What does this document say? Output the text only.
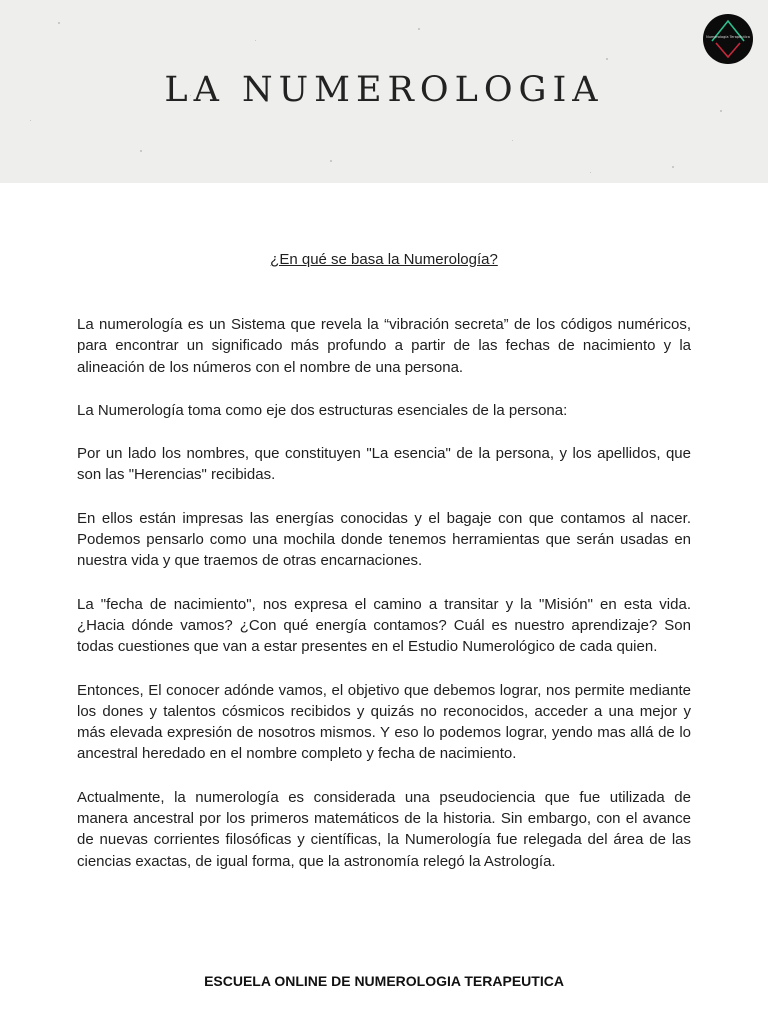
LA NUMEROLOGIA
Numerología Terapéutica
¿En qué se basa la Numerología?

La numerología es un Sistema que revela la “vibración secreta” de los códigos numéricos, para encontrar un significado más profundo a partir de las fechas de nacimiento y la alineación de los números con el nombre de una persona.

La Numerología toma como eje dos estructuras esenciales de la persona:

Por un lado los nombres, que constituyen "La esencia" de la persona, y los apellidos, que son las "Herencias" recibidas.

En ellos están impresas las energías conocidas y el bagaje con que contamos al nacer. Podemos pensarlo como una mochila donde tenemos herramientas que serán usadas en nuestra vida y que traemos de otras encarnaciones.

La "fecha de nacimiento", nos expresa el camino a transitar y la "Misión" en esta vida. ¿Hacia dónde vamos? ¿Con qué energía contamos? Cuál es nuestro aprendizaje? Son todas cuestiones que van a estar presentes en el Estudio Numerológico de cada quien.

Entonces, El conocer adónde vamos, el objetivo que debemos lograr, nos permite mediante los dones y talentos cósmicos recibidos y quizás no reconocidos, acceder a una mejor y más elevada expresión de nosotros mismos. Y eso lo podemos lograr, yendo mas allá de lo ancestral heredado en el nombre completo y fecha de nacimiento.

Actualmente, la numerología es considerada una pseudociencia que fue utilizada de manera ancestral por los primeros matemáticos de la historia. Sin embargo, con el avance de nuevas corrientes filosóficas y científicas, la Numerología fue relegada del área de las ciencias exactas, de igual forma, que la astronomía relegó la Astrología.

ESCUELA ONLINE DE NUMEROLOGIA TERAPEUTICA
